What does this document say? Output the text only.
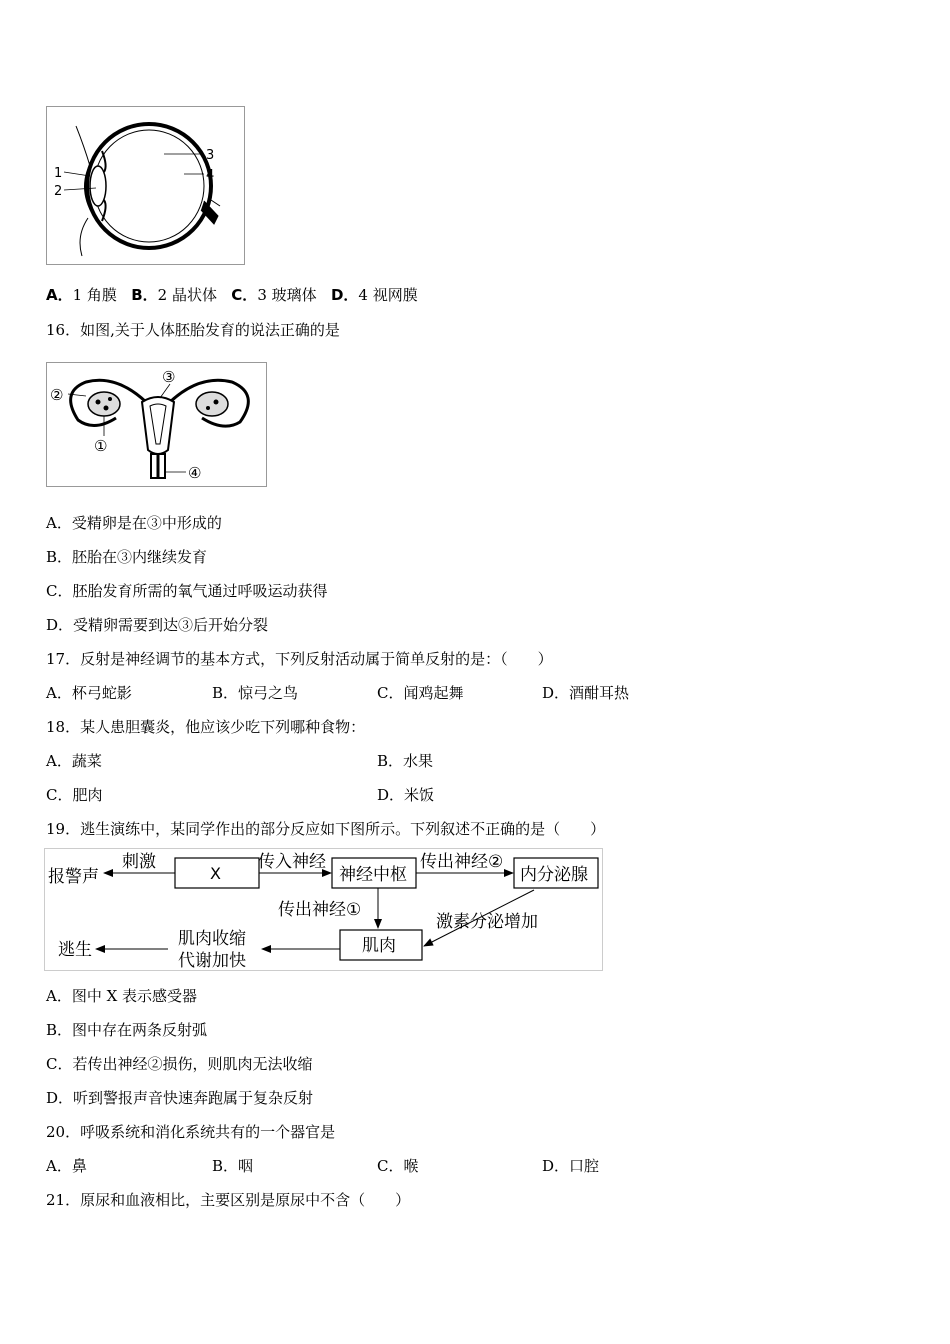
1
2
3
4
A．1 角膜 B．2 晶状体 C．3 玻璃体 D．4 视网膜
16．如图,关于人体胚胎发育的说法正确的是
②
③
①
④
A．受精卵是在③中形成的
B．胚胎在③内继续发育
C．胚胎发育所需的氧气通过呼吸运动获得
D．受精卵需要到达③后开始分裂
17．反射是神经调节的基本方式，下列反射活动属于简单反射的是：（　　）
A．杯弓蛇影	B．惊弓之鸟	C．闻鸡起舞	D．酒酣耳热
18．某人患胆囊炎，他应该少吃下列哪种食物：
A．蔬菜	B．水果
C．肥肉	D．米饭
19．逃生演练中，某同学作出的部分反应如下图所示。下列叙述不正确的是（　　）
报警声
刺激
X
传入神经
神经中枢
传出神经②
内分泌腺
传出神经①
激素分泌增加
肌肉
肌肉收缩
代谢加快
逃生
A．图中 X 表示感受器
B．图中存在两条反射弧
C．若传出神经②损伤，则肌肉无法收缩
D．听到警报声音快速奔跑属于复杂反射
20．呼吸系统和消化系统共有的一个器官是
A．鼻	B．咽	C．喉	D．口腔
21．原尿和血液相比，主要区别是原尿中不含（　　）
